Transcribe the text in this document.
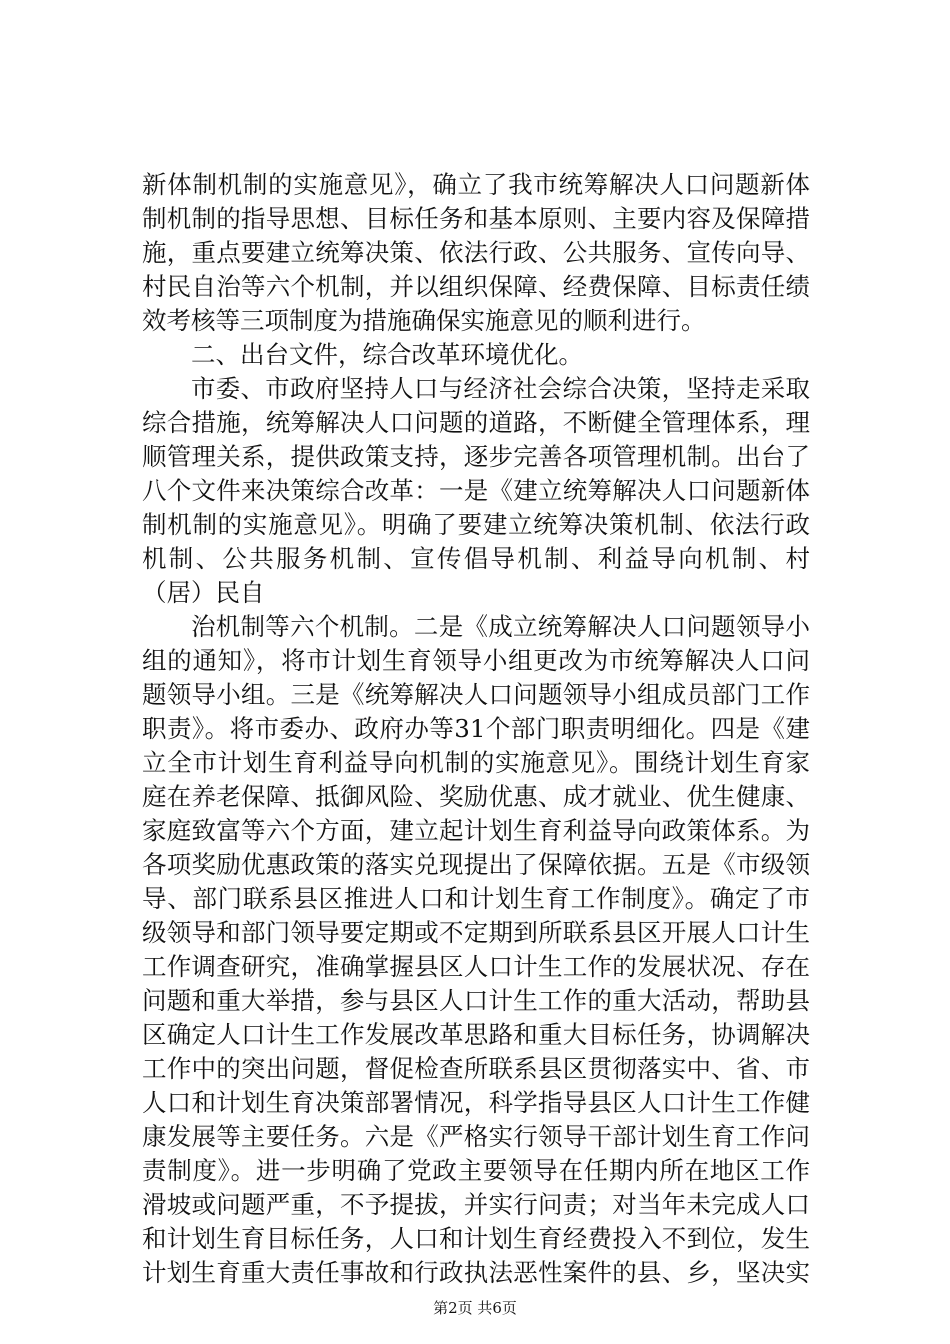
新体制机制的实施意见》，确立了我市统筹解决人口问题新体
制机制的指导思想、目标任务和基本原则、主要内容及保障措
施，重点要建立统筹决策、依法行政、公共服务、宣传向导、
村民自治等六个机制，并以组织保障、经费保障、目标责任绩
效考核等三项制度为措施确保实施意见的顺利进行。
二、出台文件，综合改革环境优化。
市委、市政府坚持人口与经济社会综合决策，坚持走采取
综合措施，统筹解决人口问题的道路，不断健全管理体系，理
顺管理关系，提供政策支持，逐步完善各项管理机制。出台了
八个文件来决策综合改革：一是《建立统筹解决人口问题新体
制机制的实施意见》。明确了要建立统筹决策机制、依法行政
机制、公共服务机制、宣传倡导机制、利益导向机制、村
（居）民自
治机制等六个机制。二是《成立统筹解决人口问题领导小
组的通知》，将市计划生育领导小组更改为市统筹解决人口问
题领导小组。三是《统筹解决人口问题领导小组成员部门工作
职责》。将市委办、政府办等31个部门职责明细化。四是《建
立全市计划生育利益导向机制的实施意见》。围绕计划生育家
庭在养老保障、抵御风险、奖励优惠、成才就业、优生健康、
家庭致富等六个方面，建立起计划生育利益导向政策体系。为
各项奖励优惠政策的落实兑现提出了保障依据。五是《市级领
导、部门联系县区推进人口和计划生育工作制度》。确定了市
级领导和部门领导要定期或不定期到所联系县区开展人口计生
工作调查研究，准确掌握县区人口计生工作的发展状况、存在
问题和重大举措，参与县区人口计生工作的重大活动，帮助县
区确定人口计生工作发展改革思路和重大目标任务，协调解决
工作中的突出问题，督促检查所联系县区贯彻落实中、省、市
人口和计划生育决策部署情况，科学指导县区人口计生工作健
康发展等主要任务。六是《严格实行领导干部计划生育工作问
责制度》。进一步明确了党政主要领导在任期内所在地区工作
滑坡或问题严重，不予提拔，并实行问责；对当年未完成人口
和计划生育目标任务，人口和计划生育经费投入不到位，发生
计划生育重大责任事故和行政执法恶性案件的县、乡，坚决实
第2页 共6页
